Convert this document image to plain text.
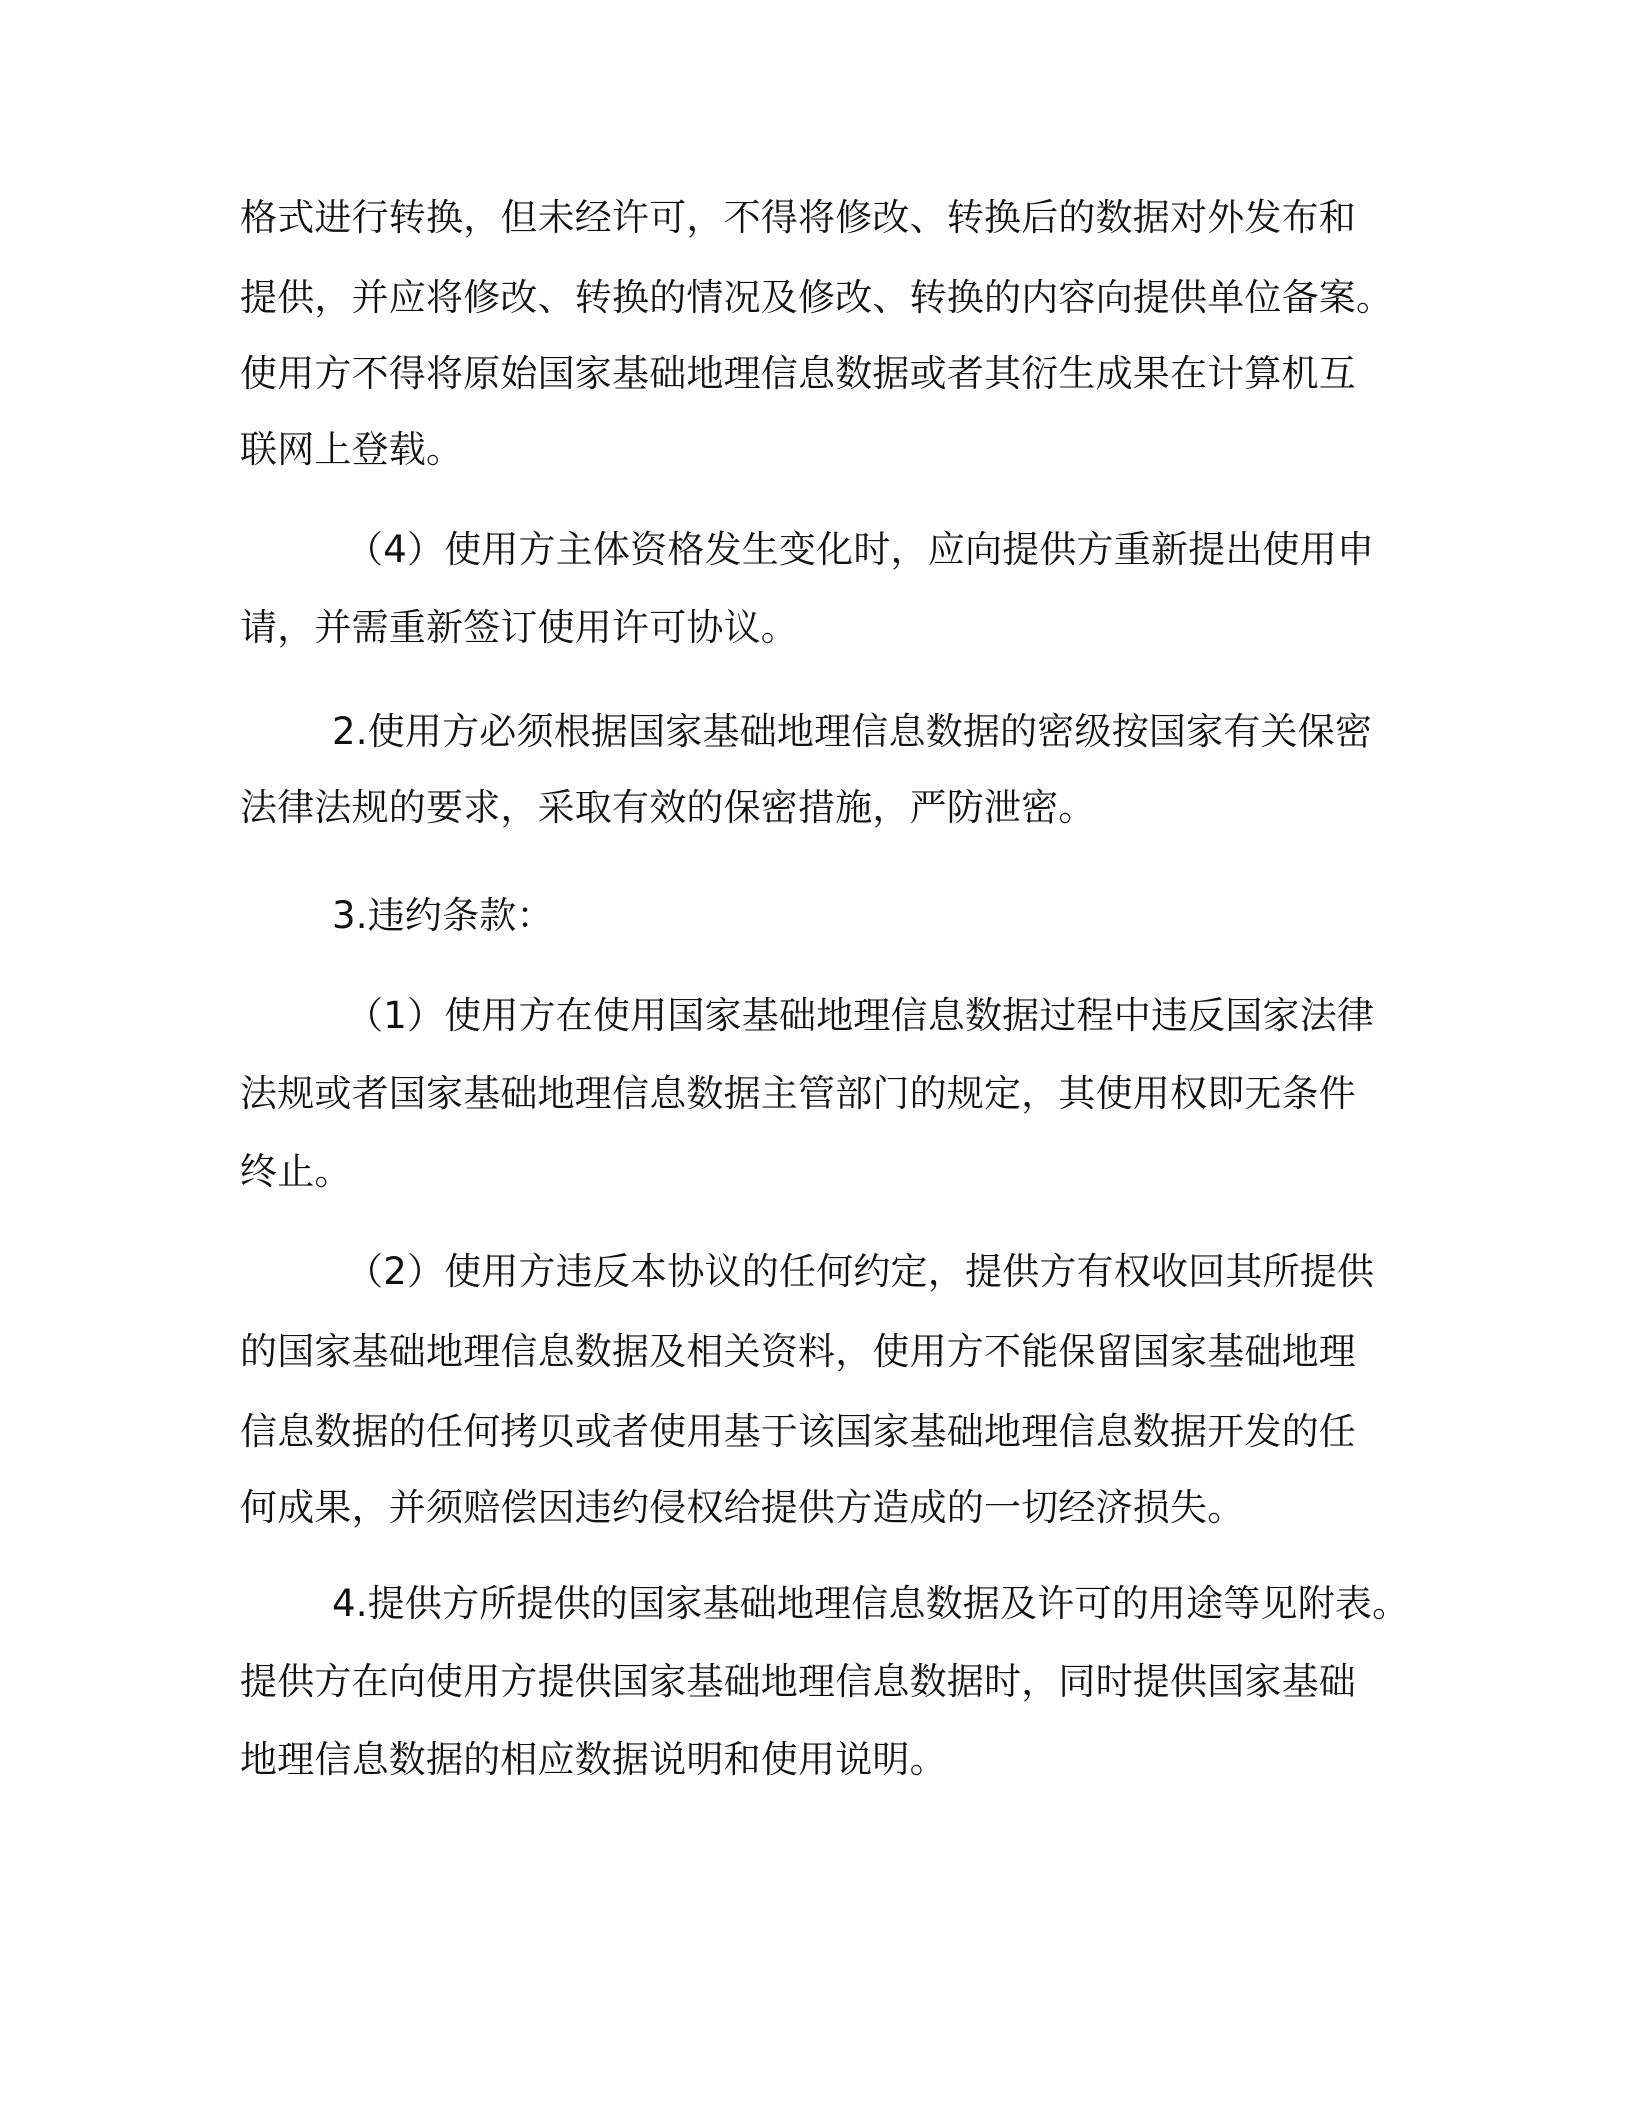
格式进行转换，但未经许可，不得将修改、转换后的数据对外发布和
提供，并应将修改、转换的情况及修改、转换的内容向提供单位备案。
使用方不得将原始国家基础地理信息数据或者其衍生成果在计算机互
联网上登载。
（4）使用方主体资格发生变化时，应向提供方重新提出使用申
请，并需重新签订使用许可协议。
2.使用方必须根据国家基础地理信息数据的密级按国家有关保密
法律法规的要求，采取有效的保密措施，严防泄密。
3.违约条款：
（1）使用方在使用国家基础地理信息数据过程中违反国家法律
法规或者国家基础地理信息数据主管部门的规定，其使用权即无条件
终止。
（2）使用方违反本协议的任何约定，提供方有权收回其所提供
的国家基础地理信息数据及相关资料，使用方不能保留国家基础地理
信息数据的任何拷贝或者使用基于该国家基础地理信息数据开发的任
何成果，并须赔偿因违约侵权给提供方造成的一切经济损失。
4.提供方所提供的国家基础地理信息数据及许可的用途等见附表。
提供方在向使用方提供国家基础地理信息数据时，同时提供国家基础
地理信息数据的相应数据说明和使用说明。
